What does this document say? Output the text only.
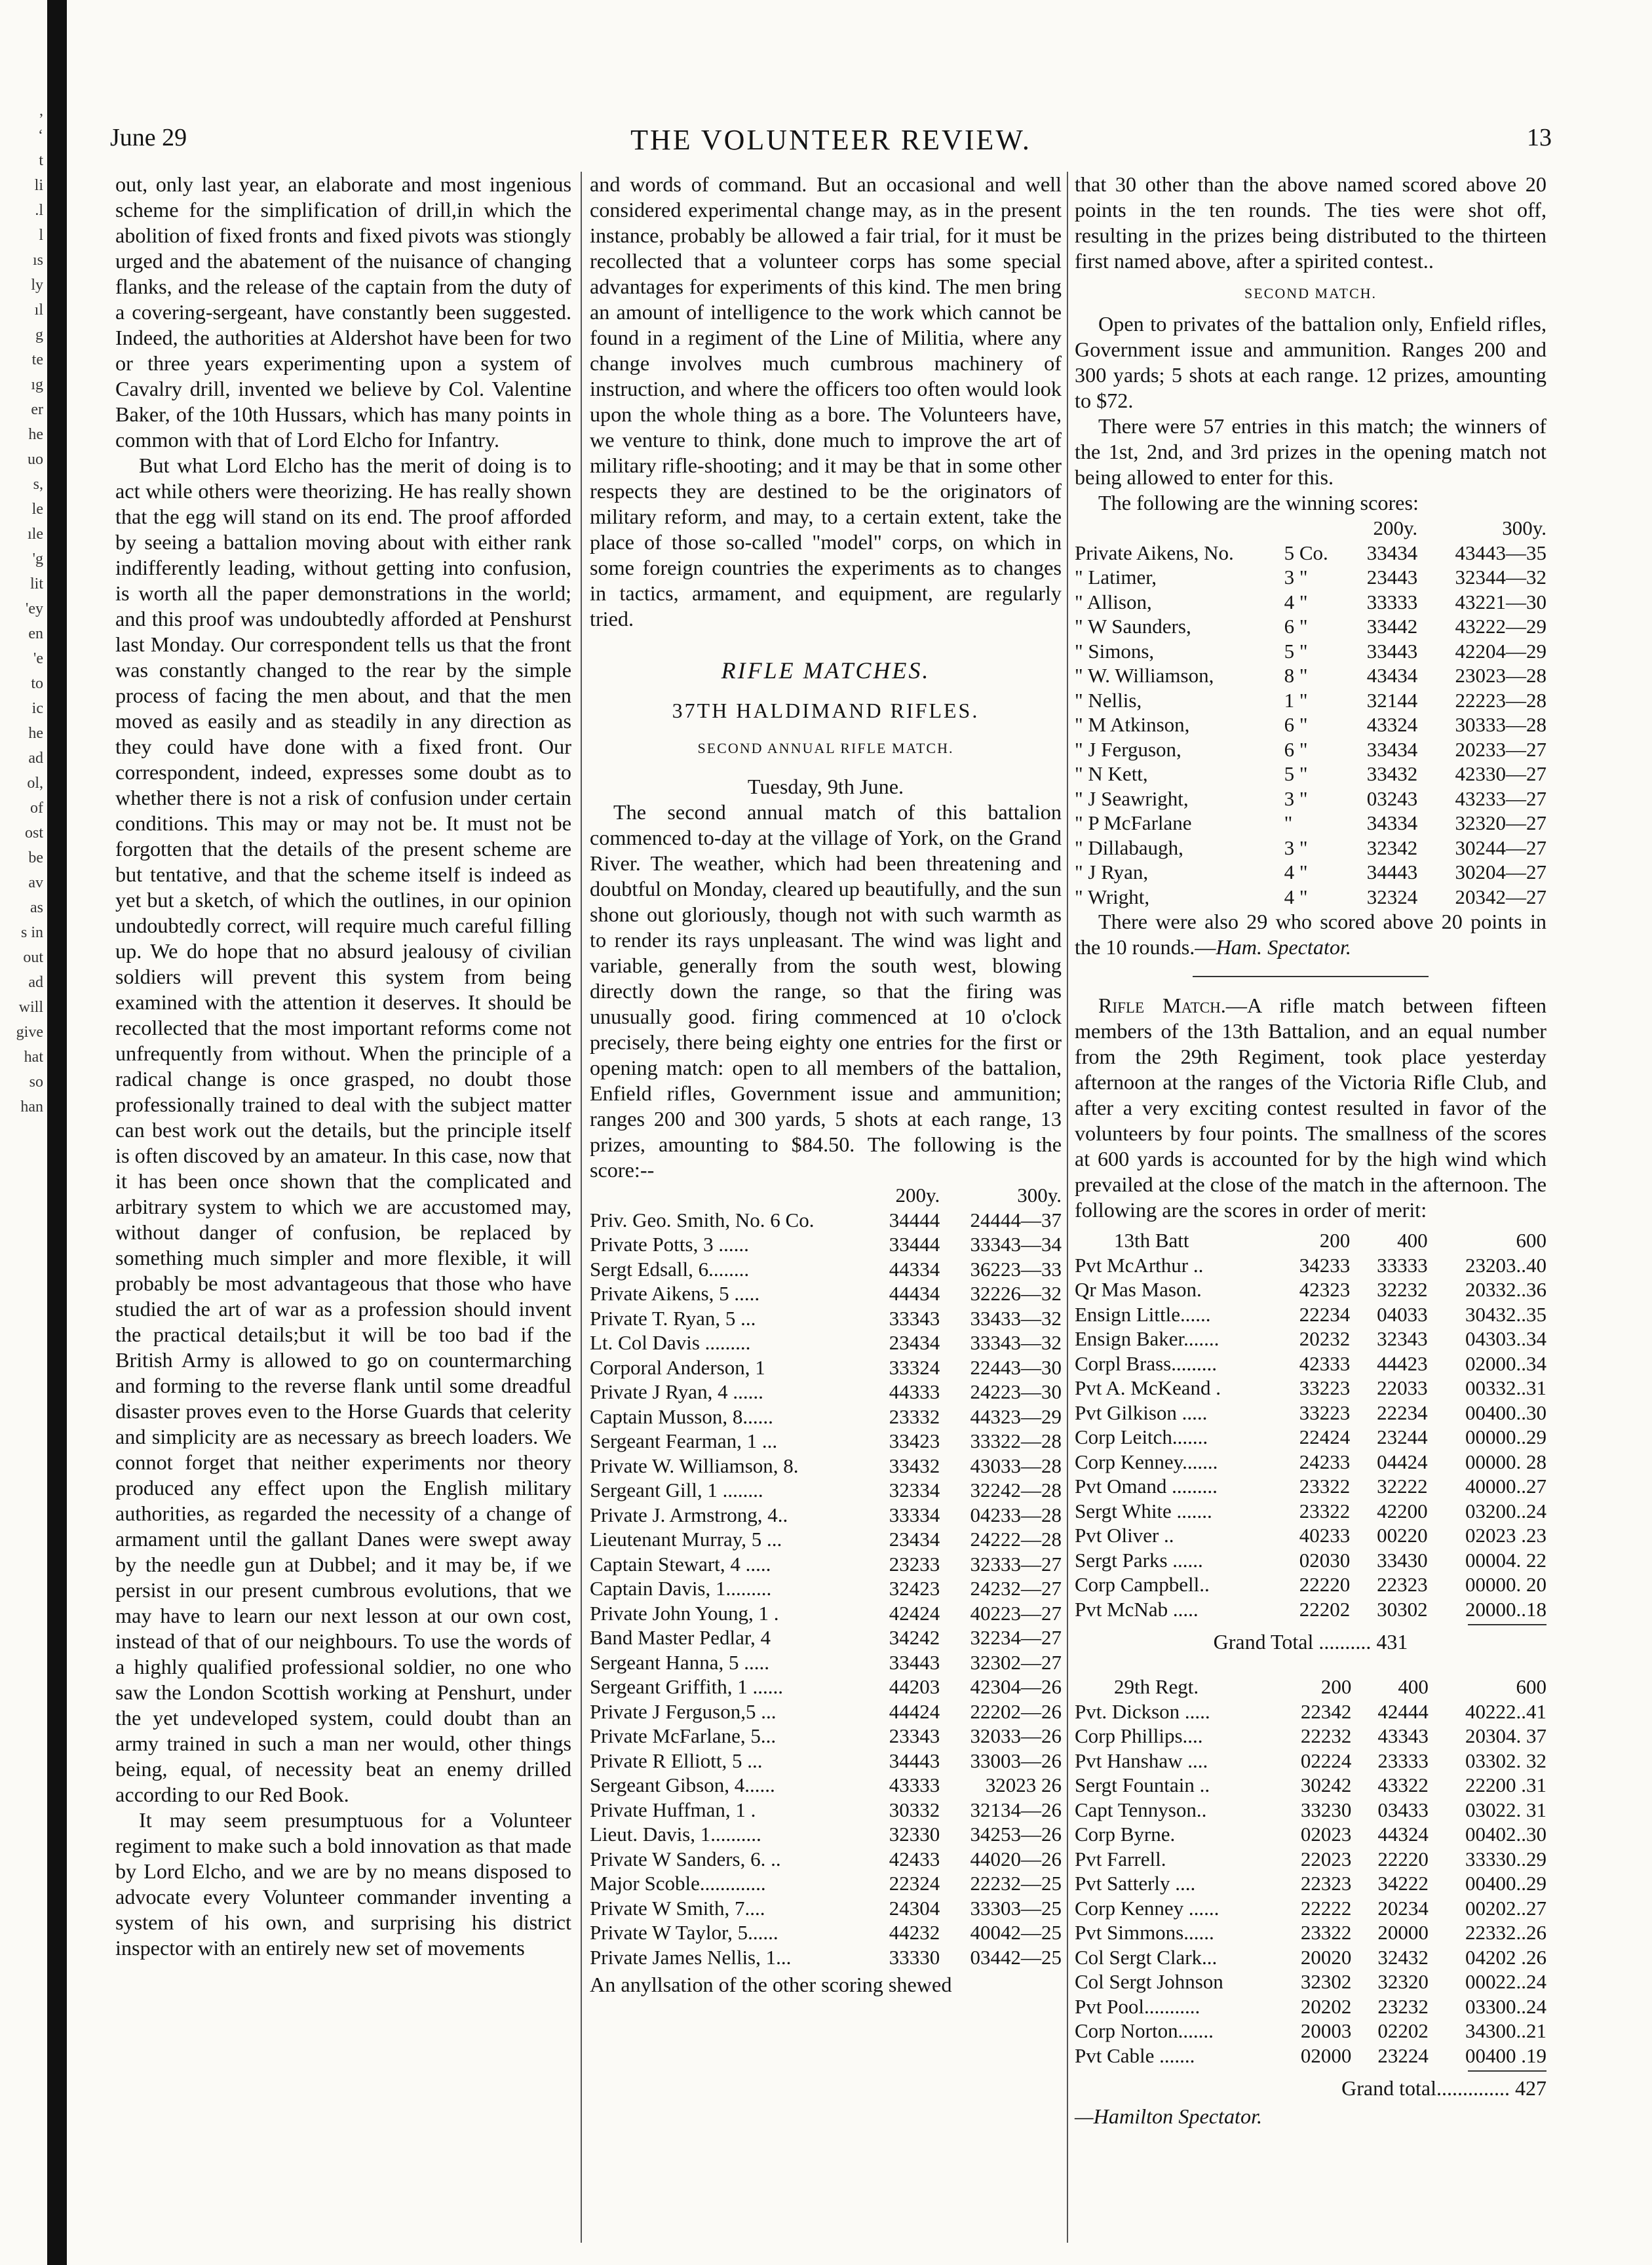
,
ʻ
t
li
.l
l
ıs
ly
ıl
g
te
ıg
er
he
uo
s,
le
ıle
'g
lit
'ey
en
'e
to
ic
he
ad
ol,
of
ost
be
av
as
s in
out
ad
will
give
hat
so
han
June 29	THE VOLUNTEER REVIEW.	13

out, only last year, an elaborate and most ingenious scheme for the simplification of drill,in which the abolition of fixed fronts and fixed pivots was stiongly urged and the abatement of the nuisance of changing flanks, and the release of the captain from the duty of a covering-sergeant, have constantly been suggested. Indeed, the authorities at Aldershot have been for two or three years experimenting upon a system of Cavalry drill, invented we believe by Col. Valentine Baker, of the 10th Hussars, which has many points in common with that of Lord Elcho for Infantry.

But what Lord Elcho has the merit of doing is to act while others were theorizing. He has really shown that the egg will stand on its end. The proof afforded by seeing a battalion moving about with either rank indifferently leading, without getting into confusion, is worth all the paper demonstrations in the world; and this proof was undoubtedly afforded at Penshurst last Monday. Our correspondent tells us that the front was constantly changed to the rear by the simple process of facing the men about, and that the men moved as easily and as steadily in any direction as they could have done with a fixed front. Our correspondent, indeed, expresses some doubt as to whether there is not a risk of confusion under certain conditions. This may or may not be. It must not be forgotten that the details of the present scheme are but tentative, and that the scheme itself is indeed as yet but a sketch, of which the outlines, in our opinion undoubtedly correct, will require much careful filling up. We do hope that no absurd jealousy of civilian soldiers will prevent this system from being examined with the attention it deserves. It should be recollected that the most important reforms come not unfrequently from without. When the principle of a radical change is once grasped, no doubt those professionally trained to deal with the subject matter can best work out the details, but the principle itself is often discoved by an amateur. In this case, now that it has been once shown that the complicated and arbitrary system to which we are accustomed may, without danger of confusion, be replaced by something much simpler and more flexible, it will probably be most advantageous that those who have studied the art of war as a profession should invent the practical details;but it will be too bad if the British Army is allowed to go on countermarching and forming to the reverse flank until some dreadful disaster proves even to the Horse Guards that celerity and simplicity are as necessary as breech loaders. We connot forget that neither experiments nor theory produced any effect upon the English military authorities, as regarded the necessity of a change of armament until the gallant Danes were swept away by the needle gun at Dubbel; and it may be, if we persist in our present cumbrous evolutions, that we may have to learn our next lesson at our own cost, instead of that of our neighbours. To use the words of a highly qualified professional soldier, no one who saw the London Scottish working at Penshurt, under the yet undeveloped system, could doubt than an army trained in such a man ner would, other things being, equal, of necessity beat an enemy drilled according to our Red Book.

It may seem presumptuous for a Volunteer regiment to make such a bold innovation as that made by Lord Elcho, and we are by no means disposed to advocate every Volunteer commander inventing a system of his own, and surprising his district inspector with an entirely new set of movements

and words of command. But an occasional and well considered experimental change may, as in the present instance, probably be allowed a fair trial, for it must be recollected that a volunteer corps has some special advantages for experiments of this kind. The men bring an amount of intelligence to the work which cannot be found in a regiment of the Line of Militia, where any change involves much cumbrous machinery of instruction, and where the officers too often would look upon the whole thing as a bore. The Volunteers have, we venture to think, done much to improve the art of military rifle-shooting; and it may be that in some other respects they are destined to be the originators of military reform, and may, to a certain extent, take the place of those so-called "model" corps, on which in some foreign countries the experiments as to changes in tactics, armament, and equipment, are regularly tried.

RIFLE MATCHES.
37TH HALDIMAND RIFLES.
SECOND ANNUAL RIFLE MATCH.

Tuesday, 9th June.

The second annual match of this battalion commenced to-day at the village of York, on the Grand River. The weather, which had been threatening and doubtful on Monday, cleared up beautifully, and the sun shone out gloriously, though not with such warmth as to render its rays unpleasant. The wind was light and variable, generally from the south west, blowing directly down the range, so that the firing was unusually good. firing commenced at 10 o'clock precisely, there being eighty one entries for the first or opening match: open to all members of the battalion, Enfield rifles, Government issue and ammunition; ranges 200 and 300 yards, 5 shots at each range, 13 prizes, amounting to $84.50. The following is the score:--

	200y.	300y.
Priv. Geo. Smith, No. 6 Co.	34444	24444—37
Private Potts, 3 ......	33444	33343—34
Sergt Edsall, 6........	44334	36223—33
Private Aikens, 5 .....	44434	32226—32
Private T. Ryan, 5 ...	33343	33433—32
Lt. Col Davis .........	23434	33343—32
Corporal Anderson, 1	33324	22443—30
Private J Ryan, 4 ......	44333	24223—30
Captain Musson, 8......	23332	44323—29
Sergeant Fearman, 1 ...	33423	33322—28
Private W. Williamson, 8.	33432	43033—28
Sergeant Gill, 1 ........	32334	32242—28
Private J. Armstrong, 4..	33334	04233—28
Lieutenant Murray, 5 ...	23434	24222—28
Captain Stewart, 4 .....	23233	32333—27
Captain Davis, 1.........	32423	24232—27
Private John Young, 1 .	42424	40223—27
Band Master Pedlar, 4	34242	32234—27
Sergeant Hanna, 5 .....	33443	32302—27
Sergeant Griffith, 1 ......	44203	42304—26
Private J Ferguson,5 ...	44424	22202—26
Private McFarlane, 5...	23343	32033—26
Private R Elliott, 5 ...	34443	33003—26
Sergeant Gibson, 4......	43333	32023 26
Private Huffman, 1 .	30332	32134—26
Lieut. Davis, 1..........	32330	34253—26
Private W Sanders, 6. ..	42433	44020—26
Major Scoble.............	22324	22232—25
Private W Smith, 7....	24304	33303—25
Private W Taylor, 5......	44232	40042—25
Private James Nellis, 1...	33330	03442—25

An anyllsation of the other scoring shewed

that 30 other than the above named scored above 20 points in the ten rounds. The ties were shot off, resulting in the prizes being distributed to the thirteen first named above, after a spirited contest..

SECOND MATCH.

Open to privates of the battalion only, Enfield rifles, Government issue and ammunition. Ranges 200 and 300 yards; 5 shots at each range. 12 prizes, amounting to $72.

There were 57 entries in this match; the winners of the 1st, 2nd, and 3rd prizes in the opening match not being allowed to enter for this.

The following are the winning scores:

		200y.	300y.
Private Aikens, No.	5 Co.	33434	43443—35
" Latimer,	3 "	23443	32344—32
" Allison,	4 "	33333	43221—30
" W Saunders,	6 "	33442	43222—29
" Simons,	5 "	33443	42204—29
" W. Williamson,	8 "	43434	23023—28
" Nellis,	1 "	32144	22223—28
" M Atkinson,	6 "	43324	30333—28
" J Ferguson,	6 "	33434	20233—27
" N Kett,	5 "	33432	42330—27
" J Seawright,	3 "	03243	43233—27
" P McFarlane	"	34334	32320—27
" Dillabaugh,	3 "	32342	30244—27
" J Ryan,	4 "	34443	30204—27
" Wright,	4 "	32324	20342—27

There were also 29 who scored above 20 points in the 10 rounds.—Ham. Spectator.

Rifle Match.—A rifle match between fifteen members of the 13th Battalion, and an equal number from the 29th Regiment, took place yesterday afternoon at the ranges of the Victoria Rifle Club, and after a very exciting contest resulted in favor of the volunteers by four points. The smallness of the scores at 600 yards is accounted for by the high wind which prevailed at the close of the match in the afternoon. The following are the scores in order of merit:

13th Batt	200	400	600
Pvt McArthur ..	34233	33333	23203..40
Qr Mas Mason.	42323	32232	20332..36
Ensign Little......	22234	04033	30432..35
Ensign Baker.......	20232	32343	04303..34
Corpl Brass.........	42333	44423	02000..34
Pvt A. McKeand .	33223	22033	00332..31
Pvt Gilkison .....	33223	22234	00400..30
Corp Leitch.......	22424	23244	00000..29
Corp Kenney.......	24233	04424	00000. 28
Pvt Omand .........	23322	32222	40000..27
Sergt White .......	23322	42200	03200..24
Pvt Oliver ..	40233	00220	02023 .23
Sergt Parks ......	02030	33430	00004. 22
Corp Campbell..	22220	22323	00000. 20
Pvt McNab .....	22202	30302	20000..18
Grand Total .......... 431
29th Regt.	200	400	600
Pvt. Dickson .....	22342	42444	40222..41
Corp Phillips....	22232	43343	20304. 37
Pvt Hanshaw ....	02224	23333	03302. 32
Sergt Fountain ..	30242	43322	22200 .31
Capt Tennyson..	33230	03433	03022. 31
Corp Byrne.	02023	44324	00402..30
Pvt Farrell.	22023	22220	33330..29
Pvt Satterly ....	22323	34222	00400..29
Corp Kenney ......	22222	20234	00202..27
Pvt Simmons......	23322	20000	22332..26
Col Sergt Clark...	20020	32432	04202 .26
Col Sergt Johnson	32302	32320	00022..24
Pvt Pool...........	20202	23232	03300..24
Corp Norton.......	20003	02202	34300..21
Pvt Cable .......	02000	23224	00400 .19
Grand total.............. 427

—Hamilton Spectator.
